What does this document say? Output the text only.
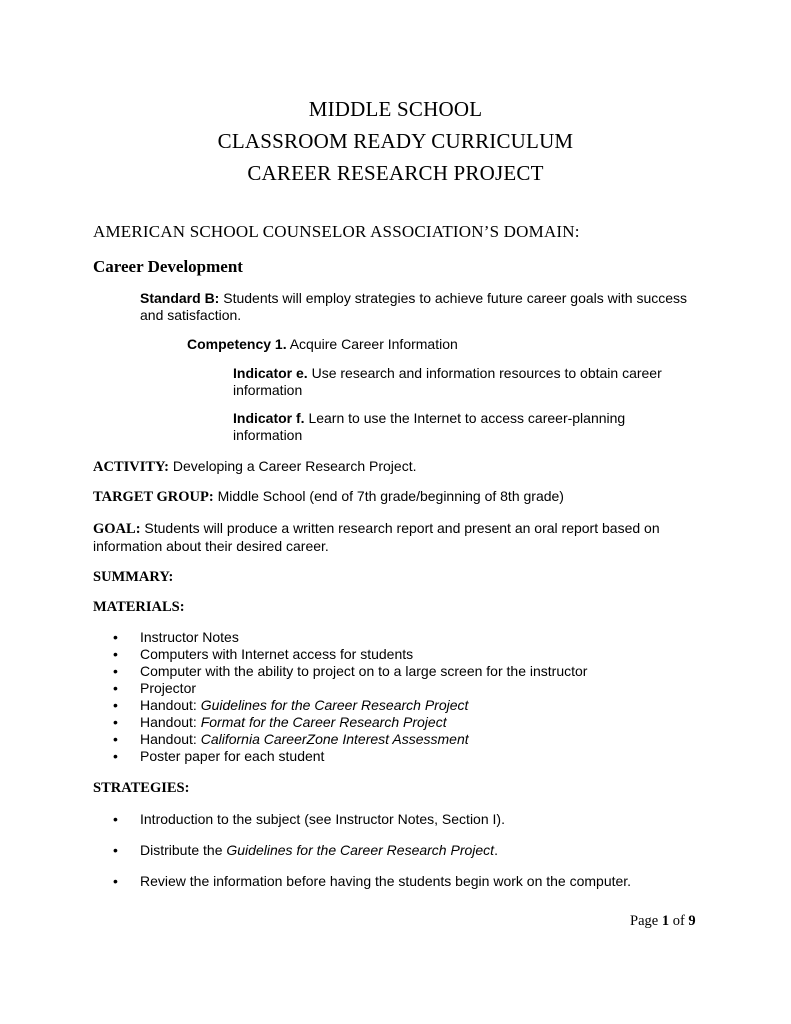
MIDDLE SCHOOL
CLASSROOM READY CURRICULUM
CAREER RESEARCH PROJECT
AMERICAN SCHOOL COUNSELOR ASSOCIATION’S DOMAIN:
Career Development
Standard B: Students will employ strategies to achieve future career goals with success
and satisfaction.
Competency 1. Acquire Career Information
Indicator e. Use research and information resources to obtain career
information
Indicator f. Learn to use the Internet to access career-planning
information
ACTIVITY: Developing a Career Research Project.
TARGET GROUP: Middle School (end of 7th grade/beginning of 8th grade)
GOAL: Students will produce a written research report and present an oral report based on
information about their desired career.
SUMMARY:
MATERIALS:
• Instructor Notes
• Computers with Internet access for students
• Computer with the ability to project on to a large screen for the instructor
• Projector
• Handout: Guidelines for the Career Research Project
• Handout: Format for the Career Research Project
• Handout: California CareerZone Interest Assessment
• Poster paper for each student
STRATEGIES:
• Introduction to the subject (see Instructor Notes, Section I).
• Distribute the Guidelines for the Career Research Project.
• Review the information before having the students begin work on the computer.
Page 1 of 9
